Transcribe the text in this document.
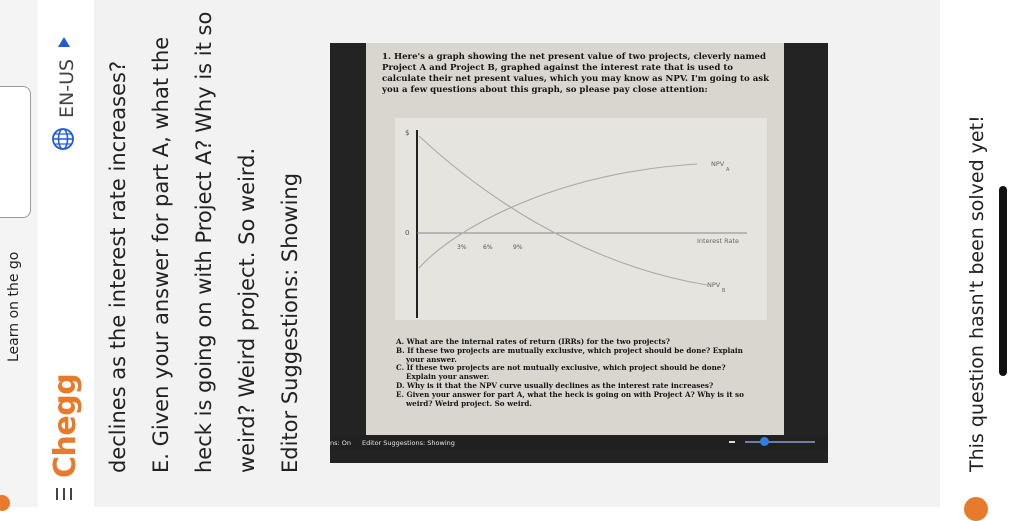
Learn on the go
Chegg
EN-US declines as the interest rate increases? E. Given your answer for part A, what the heck is going on with Project A? Why is it so weird? Weird project. So weird. Editor Suggestions: Showing
1. Here's a graph showing the net present value of two projects, cleverly named Project A and Project B, graphed against the interest rate that is used to calculate their net present values, which you may know as NPV. I'm going to ask you a few questions about this graph, so please pay close attention:
$
0
3%	6%	9%
Interest Rate
NPV
A
NPV
B
A. What are the internal rates of return (IRRs) for the two projects?
B. If these two projects are mutually exclusive, which project should be done? Explain your answer.
C. If these two projects are not mutually exclusive, which project should be done? Explain your answer.
D. Why is it that the NPV curve usually declines as the interest rate increases?
E. Given your answer for part A, what the heck is going on with Project A? Why is it so weird? Weird project. So weird.
ns: On Editor Suggestions: Showing	This question hasn't been solved yet!
